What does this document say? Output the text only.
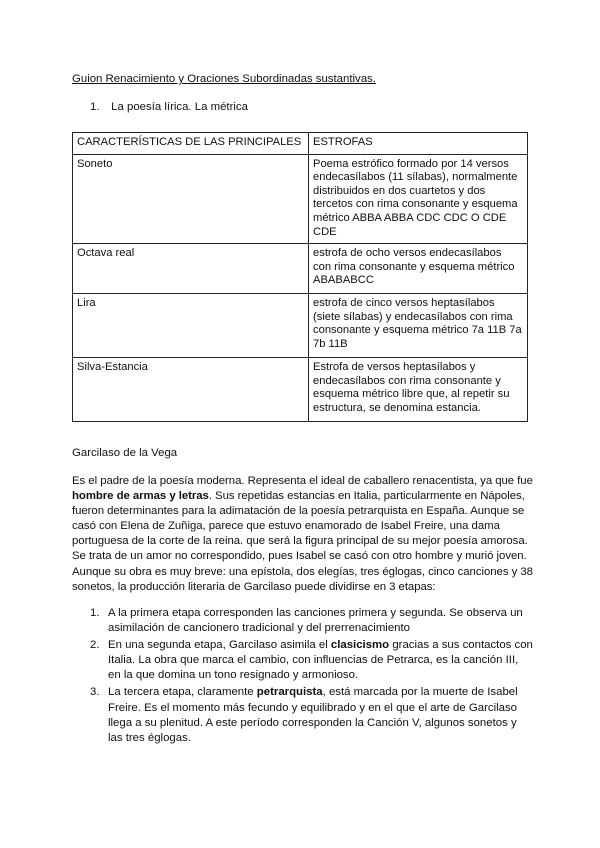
Guion Renacimiento y Oraciones Subordinadas sustantivas.
1. La poesía lírica. La métrica
CARACTERÍSTICAS DE LAS PRINCIPALES	ESTROFAS
Soneto	Poema estrófico formado por 14 versos endecasílabos (11 sílabas), normalmente distribuidos en dos cuartetos y dos tercetos con rima consonante y esquema métrico ABBA ABBA CDC CDC O CDE CDE
Octava real	estrofa de ocho versos endecasílabos con rima consonante y esquema métrico ABABABCC
Lira	estrofa de cinco versos heptasílabos (siete sílabas) y endecasílabos con rima consonante y esquema métrico 7a 11B 7a 7b 11B
Silva-Estancia	Estrofa de versos heptasílabos y endecasílabos con rima consonante y esquema métrico libre que, al repetir su estructura, se denomina estancia.
Garcilaso de la Vega

Es el padre de la poesía moderna. Representa el ideal de caballero renacentista, ya que fue hombre de armas y letras. Sus repetidas estancias en Italia, particularmente en Nápoles, fueron determinantes para la adimatación de la poesía petrarquista en España. Aunque se casó con Elena de Zuñiga, parece que estuvo enamorado de Isabel Freire, una dama portuguesa de la corte de la reina. que será la figura principal de su mejor poesía amorosa. Se trata de un amor no correspondido, pues Isabel se casó con otro hombre y murió joven. Aunque su obra es muy breve: una epístola, dos elegías, tres églogas, cinco canciones y 38 sonetos, la producción literaria de Garcilaso puede dividirse en 3 etapas:

1. A la primera etapa corresponden las canciones primera y segunda. Se observa un asimilación de cancionero tradicional y del prerrenacimiento
2. En una segunda etapa, Garcilaso asimila el clasicismo gracias a sus contactos con Italia. La obra que marca el cambio, con influencias de Petrarca, es la canción III, en la que domina un tono resignado y armonioso.
3. La tercera etapa, claramente petrarquista, está marcada por la muerte de Isabel Freire. Es el momento más fecundo y equilibrado y en el que el arte de Garcilaso llega a su plenitud. A este período corresponden la Canción V, algunos sonetos y las tres églogas.
